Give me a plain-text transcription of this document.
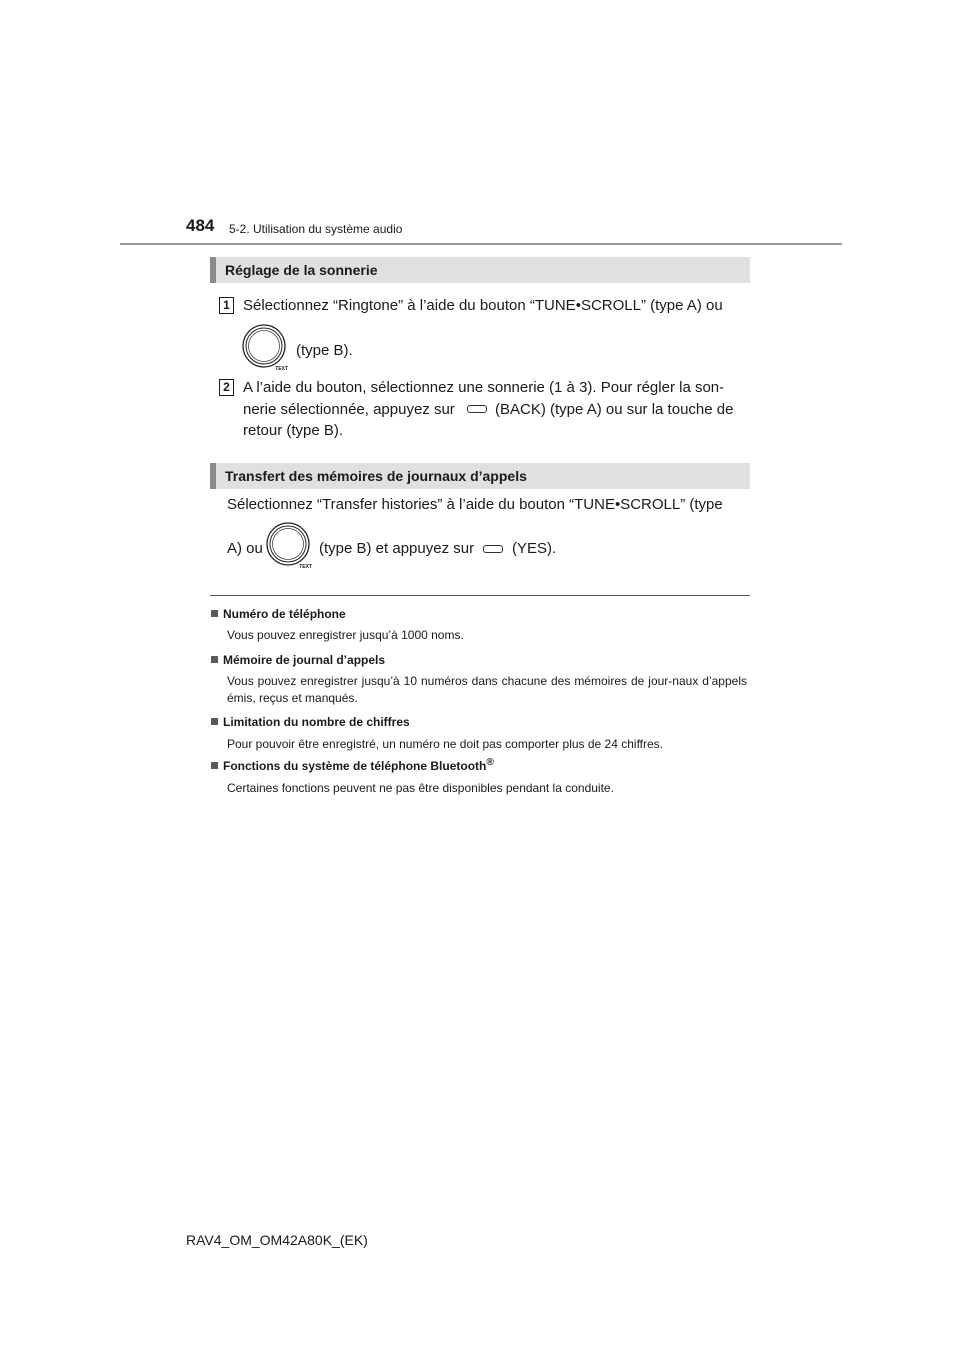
484 5-2. Utilisation du système audio
Réglage de la sonnerie
1 Sélectionnez “Ringtone” à l’aide du bouton “TUNE•SCROLL” (type A) ou
TEXT
(type B).
2 A l’aide du bouton, sélectionnez une sonnerie (1 à 3). Pour régler la son-
nerie sélectionnée, appuyez sur	(BACK) (type A) ou sur la touche de
retour (type B).
Transfert des mémoires de journaux d’appels
Sélectionnez “Transfer histories” à l’aide du bouton “TUNE•SCROLL” (type
A) ou
TEXT
(type B) et appuyez sur	(YES).
Numéro de téléphone
Vous pouvez enregistrer jusqu’à 1000 noms.
Mémoire de journal d’appels
Vous pouvez enregistrer jusqu’à 10 numéros dans chacune des mémoires de jour-naux d’appels émis, reçus et manqués.
Limitation du nombre de chiffres
Pour pouvoir être enregistré, un numéro ne doit pas comporter plus de 24 chiffres.
Fonctions du système de téléphone Bluetooth®
Certaines fonctions peuvent ne pas être disponibles pendant la conduite.
RAV4_OM_OM42A80K_(EK)
